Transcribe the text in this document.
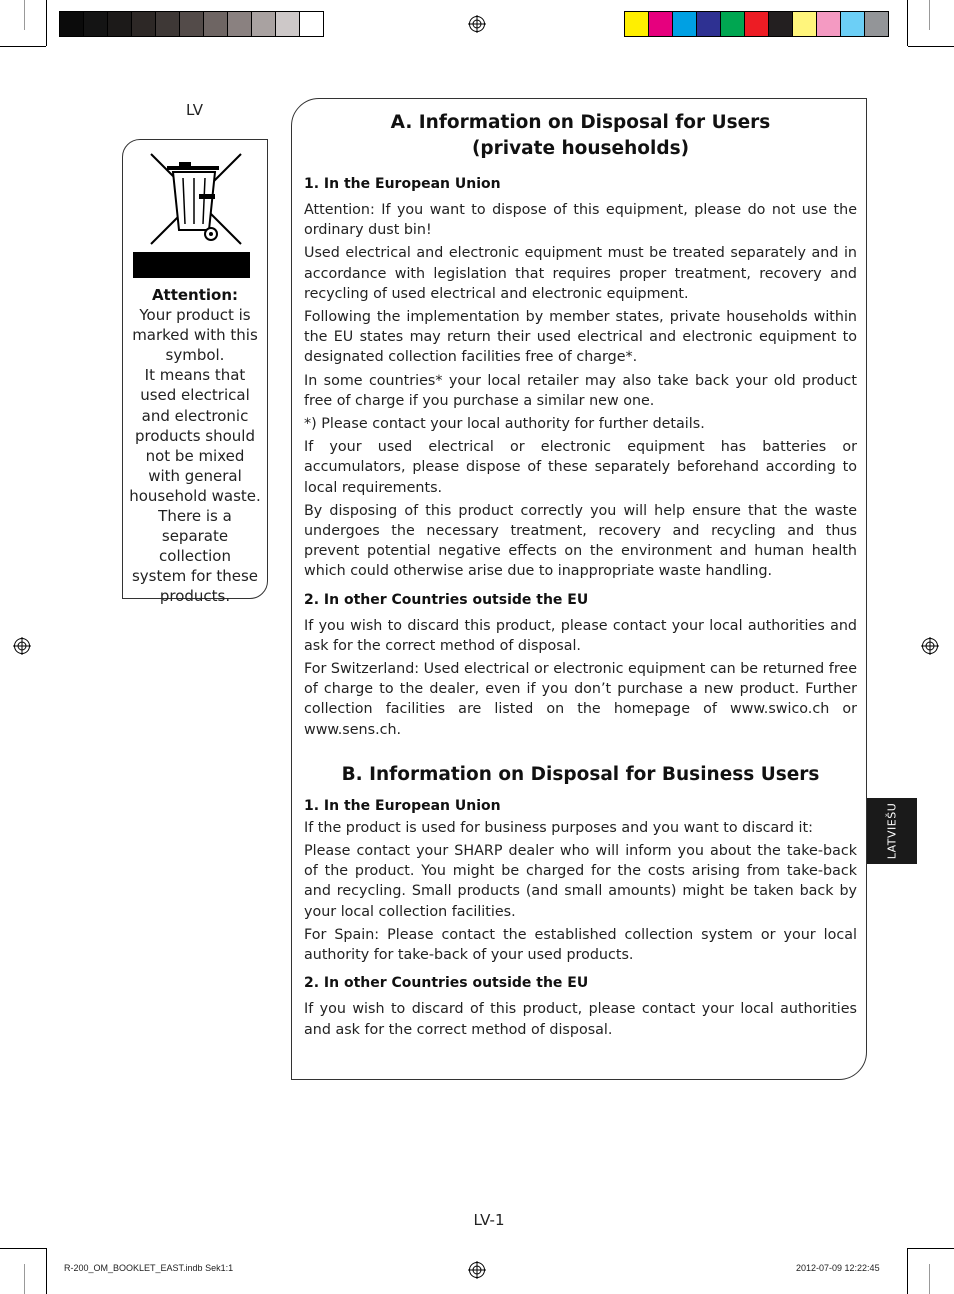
LV
Attention:
Your product is
marked with this
symbol.
It means that
used electrical
and electronic
products should
not be mixed
with general
household waste.
There is a separate
collection
system for these
products.
A. Information on Disposal for Users
(private households)
1. In the European Union

Attention: If you want to dispose of this equipment, please do not use the ordinary dust bin!

Used electrical and electronic equipment must be treated separately and in accordance with legislation that requires proper treatment, recovery and recycling of used electrical and electronic equipment.

Following the implementation by member states, private households within the EU states may return their used electrical and electronic equipment to designated collection facilities free of charge*.

In some countries* your local retailer may also take back your old product free of charge if you purchase a similar new one.

*) Please contact your local authority for further details.

If your used electrical or electronic equipment has batteries or accumulators, please dispose of these separately beforehand according to local requirements.

By disposing of this product correctly you will help ensure that the waste undergoes the necessary treatment, recovery and recycling and thus prevent potential negative effects on the environment and human health which could otherwise arise due to inappropriate waste handling.

2. In other Countries outside the EU

If you wish to discard this product, please contact your local authorities and ask for the correct method of disposal.

For Switzerland: Used electrical or electronic equipment can be returned free of charge to the dealer, even if you don’t purchase a new product. Further collection facilities are listed on the homepage of www.swico.ch or www.sens.ch.

B. Information on Disposal for Business Users
1. In the European Union

If the product is used for business purposes and you want to discard it:

Please contact your SHARP dealer who will inform you about the take-back of the product. You might be charged for the costs arising from take-back and recycling. Small products (and small amounts) might be taken back by your local collection facilities.

For Spain: Please contact the established collection system or your local authority for take-back of your used products.

2. In other Countries outside the EU

If you wish to discard of this product, please contact your local authorities and ask for the correct method of disposal.

LATVIEŠU
LV-1
R-200_OM_BOOKLET_EAST.indb Sek1:1	2012-07-09 12:22:45
